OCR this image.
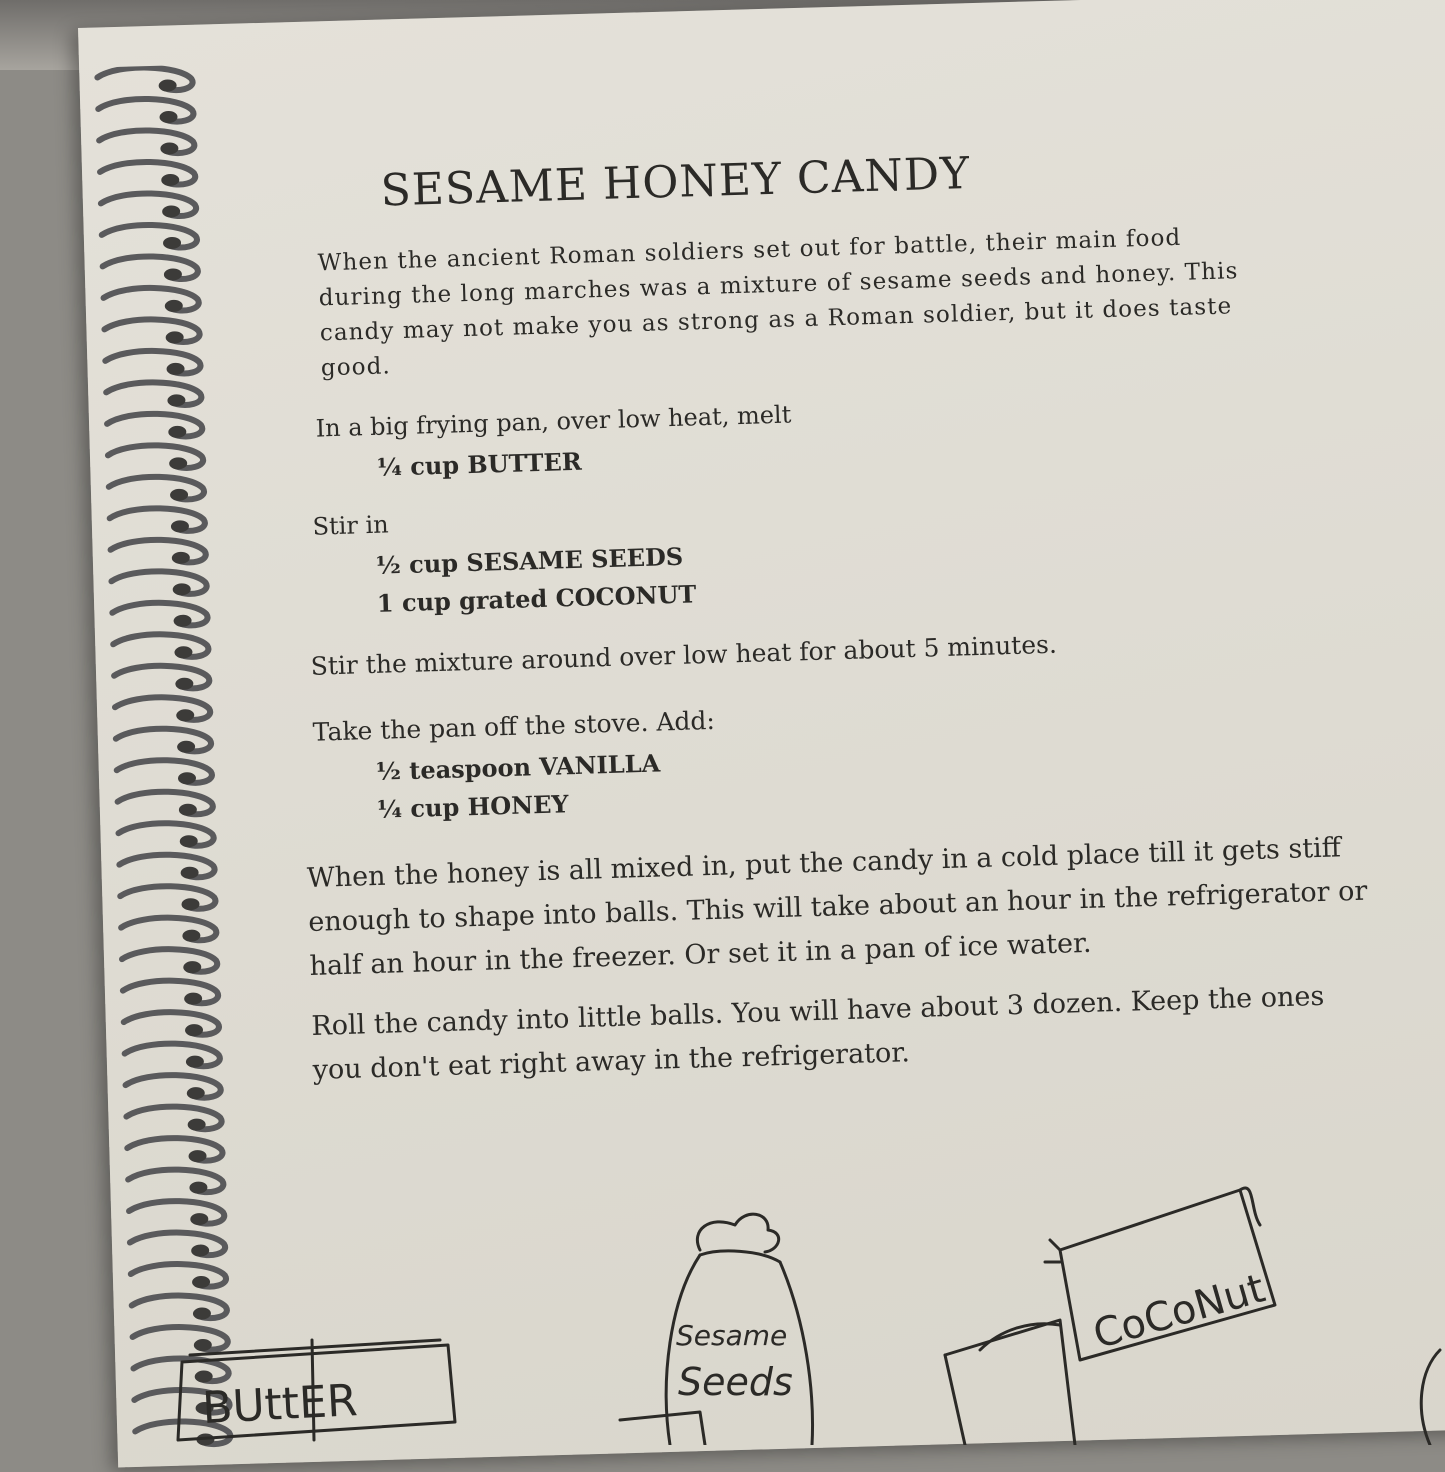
SESAME HONEY CANDY

When the ancient Roman soldiers set out for battle, their main food during the long marches was a mixture of sesame seeds and honey. This candy may not make you as strong as a Roman soldier, but it does taste good.

In a big frying pan, over low heat, melt

¼ cup BUTTER

Stir in

½ cup SESAME SEEDS

1 cup grated COCONUT

Stir the mixture around over low heat for about 5 minutes.

Take the pan off the stove. Add:

½ teaspoon VANILLA

¼ cup HONEY

When the honey is all mixed in, put the candy in a cold place till it gets stiff enough to shape into balls. This will take about an hour in the refrigerator or half an hour in the freezer. Or set it in a pan of ice water.

Roll the candy into little balls. You will have about 3 dozen. Keep the ones you don't eat right away in the refrigerator.

BUttER
Sesame
Seeds
CoCoNut
